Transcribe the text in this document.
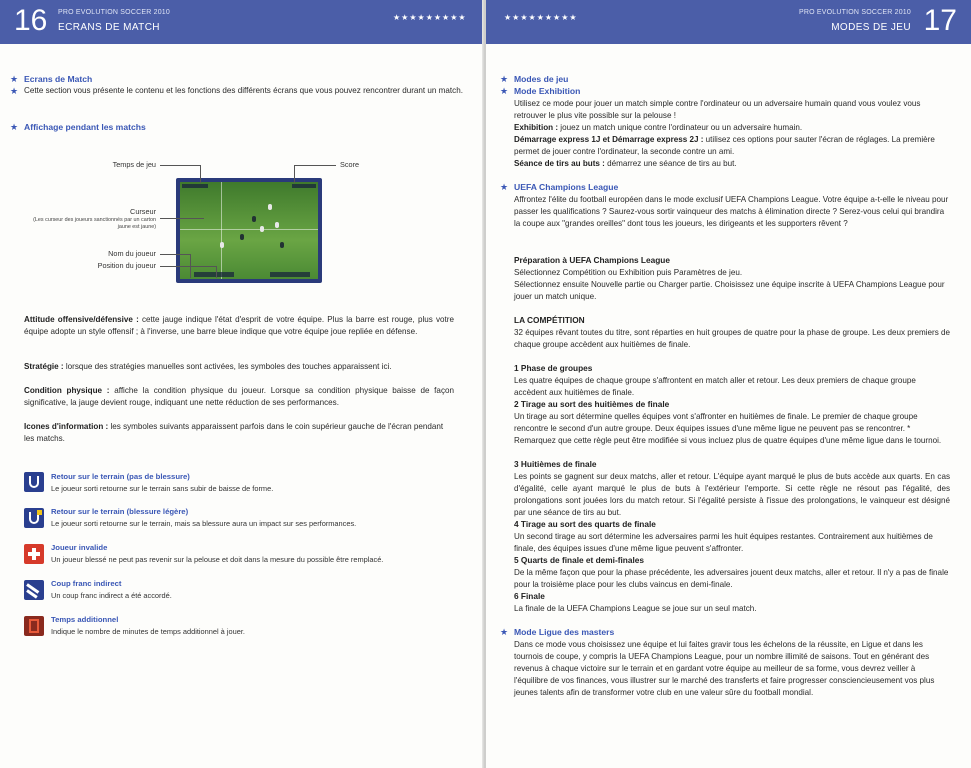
16 PRO EVOLUTION SOCCER 2010
ECRANS DE MATCH
★★★★★★★★★
★ Ecrans de Match
★ Cette section vous présente le contenu et les fonctions des différents écrans que vous pouvez rencontrer durant un match.
★ Affichage pendant les matchs
Temps de jeu	Score
Curseur
(Les curseur des joueurs sanctionnés par un carton jaune est jaune)
Nom du joueur
Position du joueur
Attitude offensive/défensive : cette jauge indique l'état d'esprit de votre équipe. Plus la barre est rouge, plus votre équipe adopte un style offensif ; à l'inverse, une barre bleue indique que votre équipe joue repliée en défense.
Stratégie : lorsque des stratégies manuelles sont activées, les symboles des touches apparaissent ici.
Condition physique : affiche la condition physique du joueur. Lorsque sa condition physique baisse de façon significative, la jauge devient rouge, indiquant une nette réduction de ses performances.
Icones d'information : les symboles suivants apparaissent parfois dans le coin supérieur gauche de l'écran pendant les matchs.
Retour sur le terrain (pas de blessure)
Le joueur sorti retourne sur le terrain sans subir de baisse de forme.
Retour sur le terrain (blessure légère)
Le joueur sorti retourne sur le terrain, mais sa blessure aura un impact sur ses performances.
Joueur invalide
Un joueur blessé ne peut pas revenir sur la pelouse et doit dans la mesure du possible être remplacé.
Coup franc indirect
Un coup franc indirect a été accordé.
Temps additionnel
Indique le nombre de minutes de temps additionnel à jouer.
17
PRO EVOLUTION SOCCER 2010
MODES DE JEU
★★★★★★★★★
★ Modes de jeu
★ Mode Exhibition
Utilisez ce mode pour jouer un match simple contre l'ordinateur ou un adversaire humain quand vous voulez vous retrouver le plus vite possible sur la pelouse !
Exhibition : jouez un match unique contre l'ordinateur ou un adversaire humain.
Démarrage express 1J et Démarrage express 2J : utilisez ces options pour sauter l'écran de réglages. La première permet de jouer contre l'ordinateur, la seconde contre un ami.
Séance de tirs au buts : démarrez une séance de tirs au but.
★ UEFA Champions League
Affrontez l'élite du football européen dans le mode exclusif UEFA Champions League. Votre équipe a-t-elle le niveau pour passer les qualifications ? Saurez-vous sortir vainqueur des matchs à élimination directe ? Serez-vous celui qui brandira la coupe aux "grandes oreilles" dont tous les joueurs, les dirigeants et les supporters rêvent ?
Préparation à UEFA Champions League
Sélectionnez Compétition ou Exhibition puis Paramètres de jeu.
Sélectionnez ensuite Nouvelle partie ou Charger partie. Choisissez une équipe inscrite à UEFA Champions League pour jouer un match unique.
LA COMPÉTITION
32 équipes rêvant toutes du titre, sont réparties en huit groupes de quatre pour la phase de groupe. Les deux premiers de chaque groupe accèdent aux huitièmes de finale.
1 Phase de groupes
Les quatre équipes de chaque groupe s'affrontent en match aller et retour. Les deux premiers de chaque groupe accèdent aux huitièmes de finale.
2 Tirage au sort des huitièmes de finale
Un tirage au sort détermine quelles équipes vont s'affronter en huitièmes de finale. Le premier de chaque groupe rencontre le second d'un autre groupe. Deux équipes issues d'une même ligue ne peuvent pas se rencontrer. * Remarquez que cette règle peut être modifiée si vous incluez plus de quatre équipes d'une même ligue dans le tournoi.
3 Huitièmes de finale
Les points se gagnent sur deux matchs, aller et retour. L'équipe ayant marqué le plus de buts accède aux quarts. En cas d'égalité, celle ayant marqué le plus de buts à l'extérieur l'emporte. Si cette règle ne résout pas l'égalité, des prolongations sont jouées lors du match retour. Si l'égalité persiste à l'issue des prolongations, le vainqueur est désigné par une séance de tirs au but.
4 Tirage au sort des quarts de finale
Un second tirage au sort détermine les adversaires parmi les huit équipes restantes. Contrairement aux huitièmes de finale, des équipes issues d'une même ligue peuvent s'affronter.
5 Quarts de finale et demi-finales
De la même façon que pour la phase précédente, les adversaires jouent deux matchs, aller et retour. Il n'y a pas de finale pour la troisième place pour les clubs vaincus en demi-finale.
6 Finale
La finale de la UEFA Champions League se joue sur un seul match.
★ Mode Ligue des masters
Dans ce mode vous choisissez une équipe et lui faites gravir tous les échelons de la réussite, en Ligue et dans les tournois de coupe, y compris la UEFA Champions League, pour un nombre illimité de saisons. Tout en générant des revenus à chaque victoire sur le terrain et en gardant votre équipe au meilleur de sa forme, vous devrez veiller à l'équilibre de vos finances, vous illustrer sur le marché des transferts et faire progresser consciencieusement vos plus jeunes talents afin de transformer votre club en une valeur sûre du football mondial.
